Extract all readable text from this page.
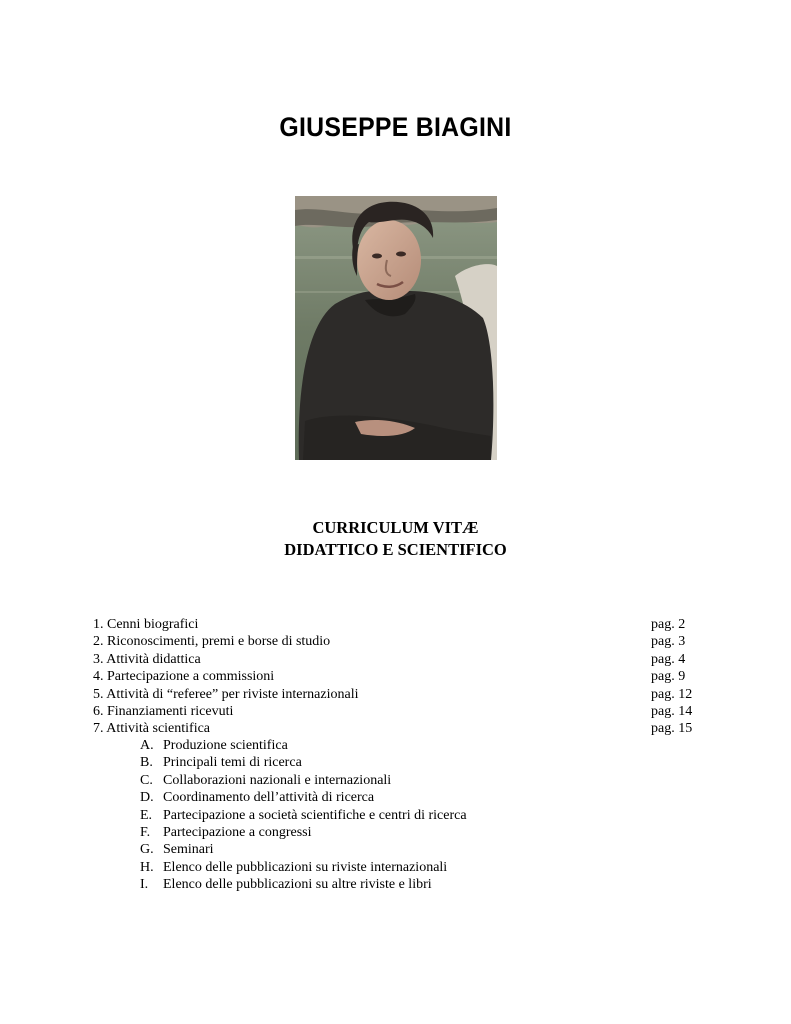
GIUSEPPE BIAGINI
CURRICULUM VITÆ
DIDATTICO E SCIENTIFICO
1. Cenni biografici	pag. 2
2. Riconoscimenti, premi e borse di studio	pag. 3
3. Attività didattica	pag. 4
4. Partecipazione a commissioni	pag. 9
5. Attività di “referee” per riviste internazionali	pag. 12
6. Finanziamenti ricevuti	pag. 14
7. Attività scientifica	pag. 15
A. Produzione scientifica
B. Principali temi di ricerca
C. Collaborazioni nazionali e internazionali
D. Coordinamento dell’attività di ricerca
E. Partecipazione a società scientifiche e centri di ricerca
F. Partecipazione a congressi
G. Seminari
H. Elenco delle pubblicazioni su riviste internazionali
I. Elenco delle pubblicazioni su altre riviste e libri
